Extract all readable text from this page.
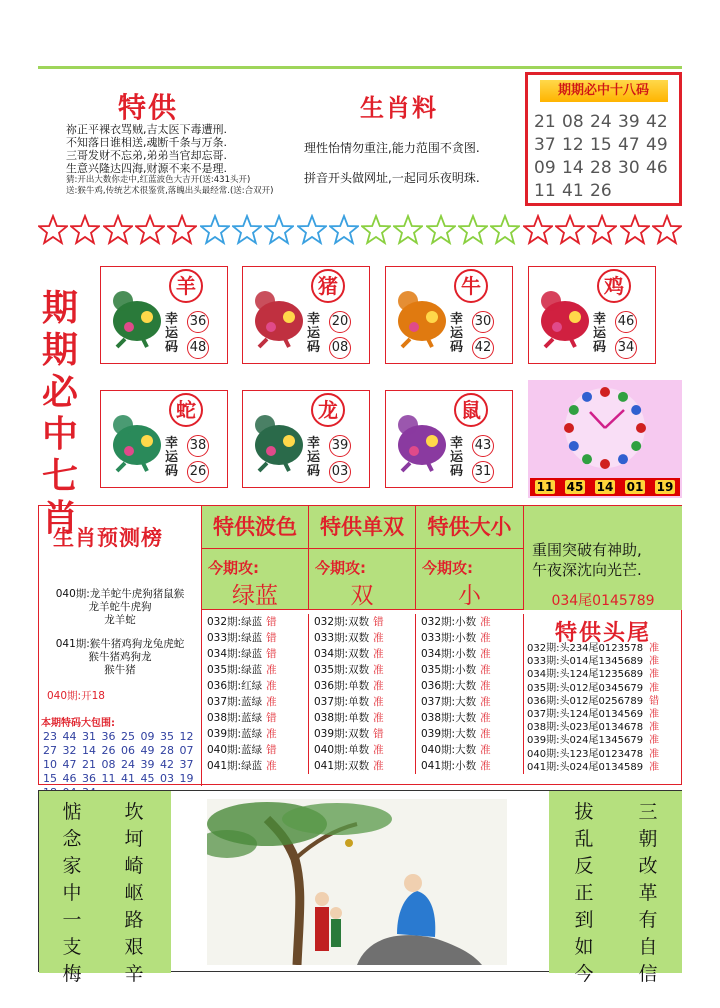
特供
祢正平裸衣骂贼,吉太医下毒遭刑.
不知落日谁相送,魂断千条与万条.
三哥发财不忘弟,弟弟当官却忘哥.
生意兴隆达四海,财源不来不是理.
猜:开出大数你走中,红蓝波色大吉开(送:431头开)
送:猴牛鸡,传统艺术很鉴赏,落魄出头最经常.(送:合双开)
生肖料
理性怡情勿重注,能力范围不贪图.
拼音开头做网址,一起同乐夜明珠.
期期必中十八码
21 08 24 39 42
37 12 15 47 49
09 14 28 30 46
11 41 26
期期必中七肖
羊
幸运码
36
48
猪
幸运码
20
08
牛
幸运码
30
42
鸡
幸运码
46
34
蛇
幸运码
38
26
龙
幸运码
39
03
鼠
幸运码
43
31
11 45 14 01 19
生肖预测榜
040期:龙羊蛇牛虎狗猪鼠猴
龙羊蛇牛虎狗
龙羊蛇
041期:猴牛猪鸡狗龙兔虎蛇
猴牛猪鸡狗龙
猴牛猪
040期:开18
本期特码大包围:
23 44 31 36 25 09 35 12
27 32 14 26 06 49 28 07
10 47 21 08 24 39 42 37
15 46 36 11 41 45 03 19
特供波色
今期攻:
绿蓝
032期:绿蓝 错
033期:绿蓝 错
034期:绿蓝 错
035期:绿蓝 准
036期:红绿 准
037期:蓝绿 准
038期:蓝绿 错
039期:蓝绿 准
040期:蓝绿 错
041期:绿蓝 准
特供单双
今期攻:
双
032期:双数 错
033期:双数 准
034期:双数 准
035期:双数 准
036期:单数 准
037期:单数 准
038期:单数 准
039期:双数 错
040期:单数 准
041期:双数 准
特供大小
今期攻:
小
032期:小数 准
033期:小数 准
034期:小数 准
035期:小数 准
036期:大数 准
037期:大数 准
038期:大数 准
039期:大数 准
040期:大数 准
041期:小数 准
重围突破有神助,
午夜深沈向光芒.
034尾0145789
特供头尾
032期:头234尾0123578 准
033期:头014尾1345689 准
034期:头124尾1235689 准
035期:头012尾0345679 准
036期:头012尾0256789 错
037期:头124尾0134569 准
038期:头023尾0134678 准
039期:头024尾1345679 准
040期:头123尾0123478 准
041期:头024尾0134589 准
惦
念
家
中
一
支
梅
坎
坷
崎
岖
路
艰
辛
拔
乱
反
正
到
如
今
三
朝
改
革
有
自
信
